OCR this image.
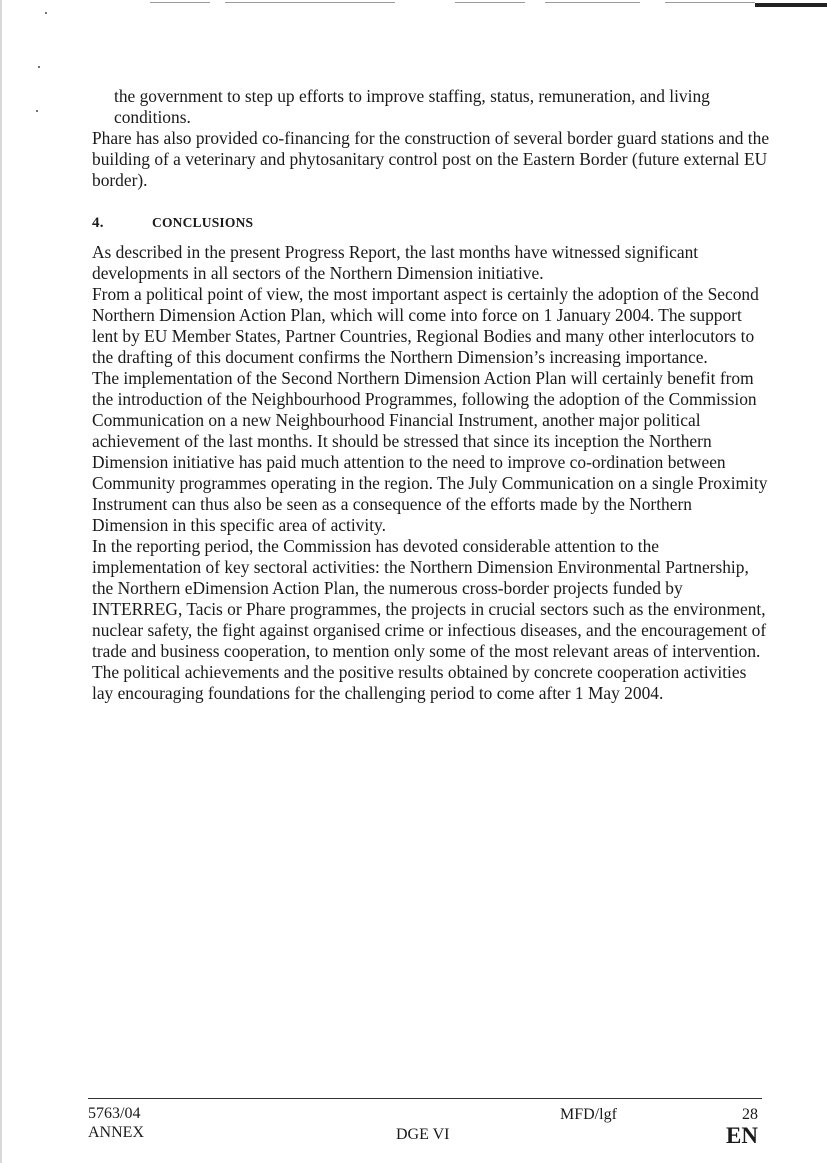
the government to step up efforts to improve staffing, status, remuneration, and living

conditions.

Phare has also provided co-financing for the construction of several border guard stations and the building of a veterinary and phytosanitary control post on the Eastern Border (future external EU border).

4.	CONCLUSIONS

As described in the present Progress Report, the last months have witnessed significant developments in all sectors of the Northern Dimension initiative.

From a political point of view, the most important aspect is certainly the adoption of the Second Northern Dimension Action Plan, which will come into force on 1 January 2004. The support lent by EU Member States, Partner Countries, Regional Bodies and many other interlocutors to the drafting of this document confirms the Northern Dimension’s increasing importance.

The implementation of the Second Northern Dimension Action Plan will certainly benefit from the introduction of the Neighbourhood Programmes, following the adoption of the Commission Communication on a new Neighbourhood Financial Instrument, another major political achievement of the last months. It should be stressed that since its inception the Northern Dimension initiative has paid much attention to the need to improve co-ordination between Community programmes operating in the region. The July Communication on a single Proximity Instrument can thus also be seen as a consequence of the efforts made by the Northern Dimension in this specific area of activity.

In the reporting period, the Commission has devoted considerable attention to the implementation of key sectoral activities: the Northern Dimension Environmental Partnership, the Northern eDimension Action Plan, the numerous cross-border projects funded by INTERREG, Tacis or Phare programmes, the projects in crucial sectors such as the environment, nuclear safety, the fight against organised crime or infectious diseases, and the encouragement of trade and business cooperation, to mention only some of the most relevant areas of intervention.

The political achievements and the positive results obtained by concrete cooperation activities lay encouraging foundations for the challenging period to come after 1 May 2004.

5763/04
ANNEX	DGE VI
MFD/lgf	28
EN
